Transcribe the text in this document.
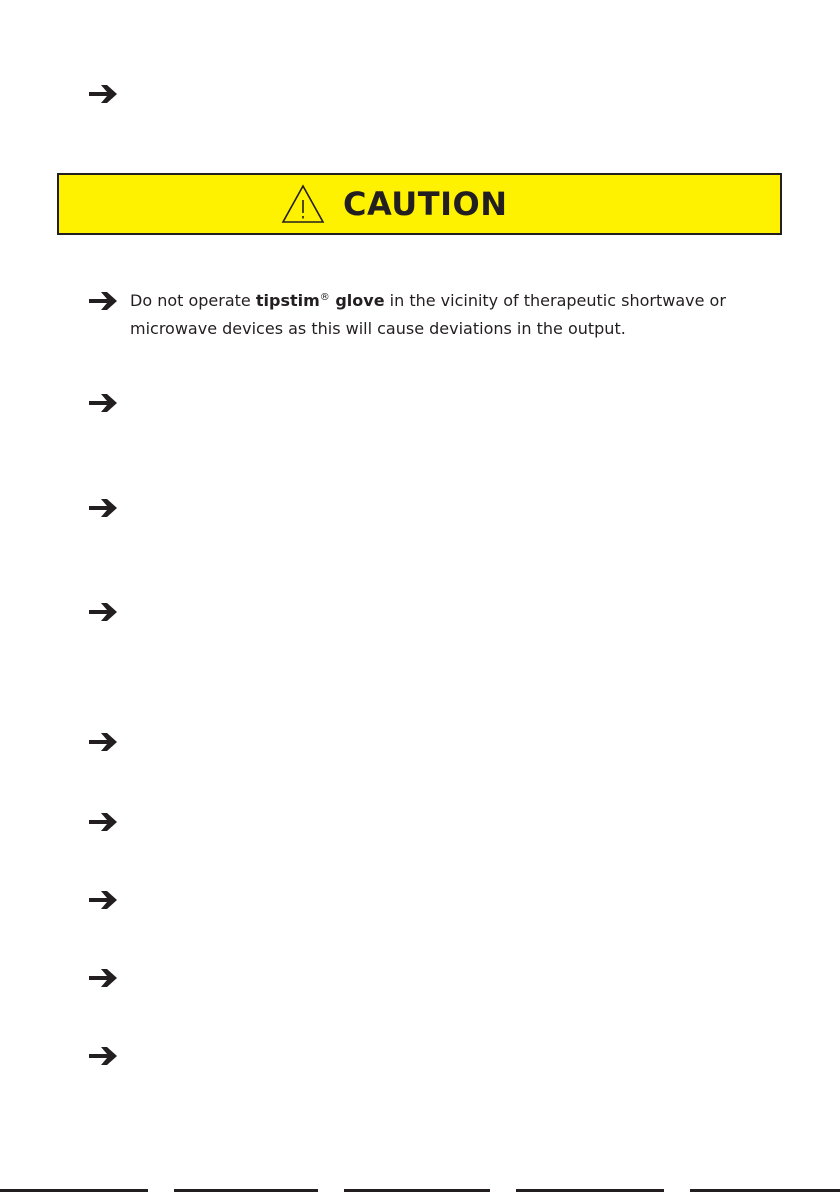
CAUTION
Do not operate tipstim® glove in the vicinity of therapeutic shortwave or
microwave devices as this will cause deviations in the output.
